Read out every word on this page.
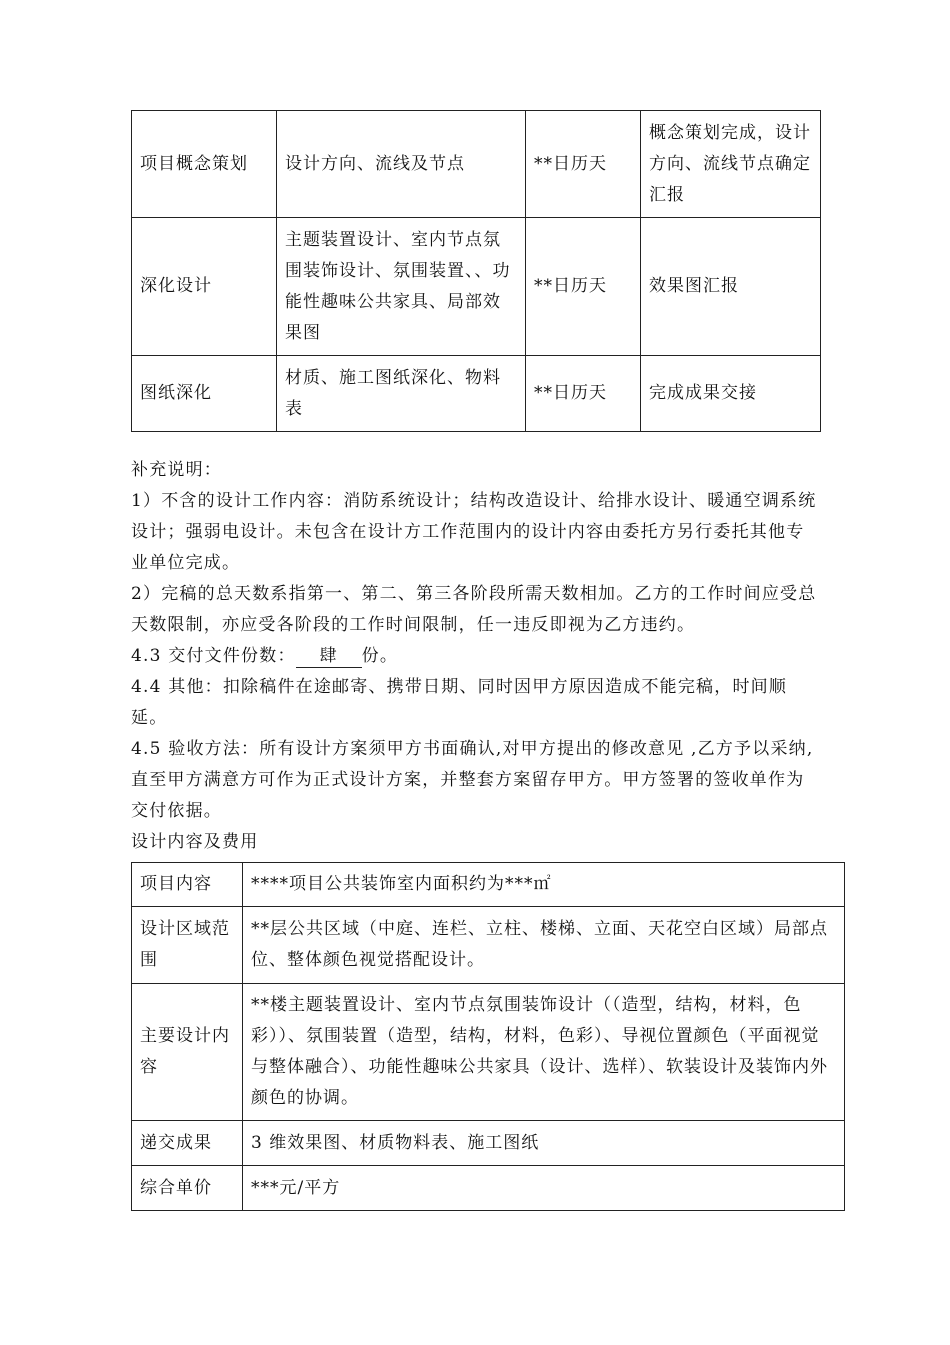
项目概念策划	设计方向、流线及节点	**日历天	概念策划完成，设计方向、流线节点确定汇报
深化设计	主题装置设计、室内节点氛围装饰设计、氛围装置、、功能性趣味公共家具、局部效果图	**日历天	效果图汇报
图纸深化	材质、施工图纸深化、物料表	**日历天	完成成果交接

补充说明：

1）不含的设计工作内容：消防系统设计；结构改造设计、给排水设计、暖通空调系统设计；强弱电设计。未包含在设计方工作范围内的设计内容由委托方另行委托其他专业单位完成。

2）完稿的总天数系指第一、第二、第三各阶段所需天数相加。乙方的工作时间应受总天数限制，亦应受各阶段的工作时间限制，任一违反即视为乙方违约。

4.3 交付文件份数： 肆 份。

4.4 其他：扣除稿件在途邮寄、携带日期、同时因甲方原因造成不能完稿，时间顺延。

4.5 验收方法：所有设计方案须甲方书面确认,对甲方提出的修改意见 ,乙方予以采纳,直至甲方满意方可作为正式设计方案，并整套方案留存甲方。甲方签署的签收单作为交付依据。

设计内容及费用

项目内容	****项目公共装饰室内面积约为***㎡
设计区域范围	**层公共区域（中庭、连栏、立柱、楼梯、立面、天花空白区域）局部点位、整体颜色视觉搭配设计。
主要设计内容	**楼主题装置设计、室内节点氛围装饰设计（（造型，结构，材料，色彩））、氛围装置（造型，结构，材料，色彩）、导视位置颜色（平面视觉与整体融合）、功能性趣味公共家具（设计、选样）、软装设计及装饰内外颜色的协调。
递交成果	3 维效果图、材质物料表、施工图纸
综合单价	***元/平方
